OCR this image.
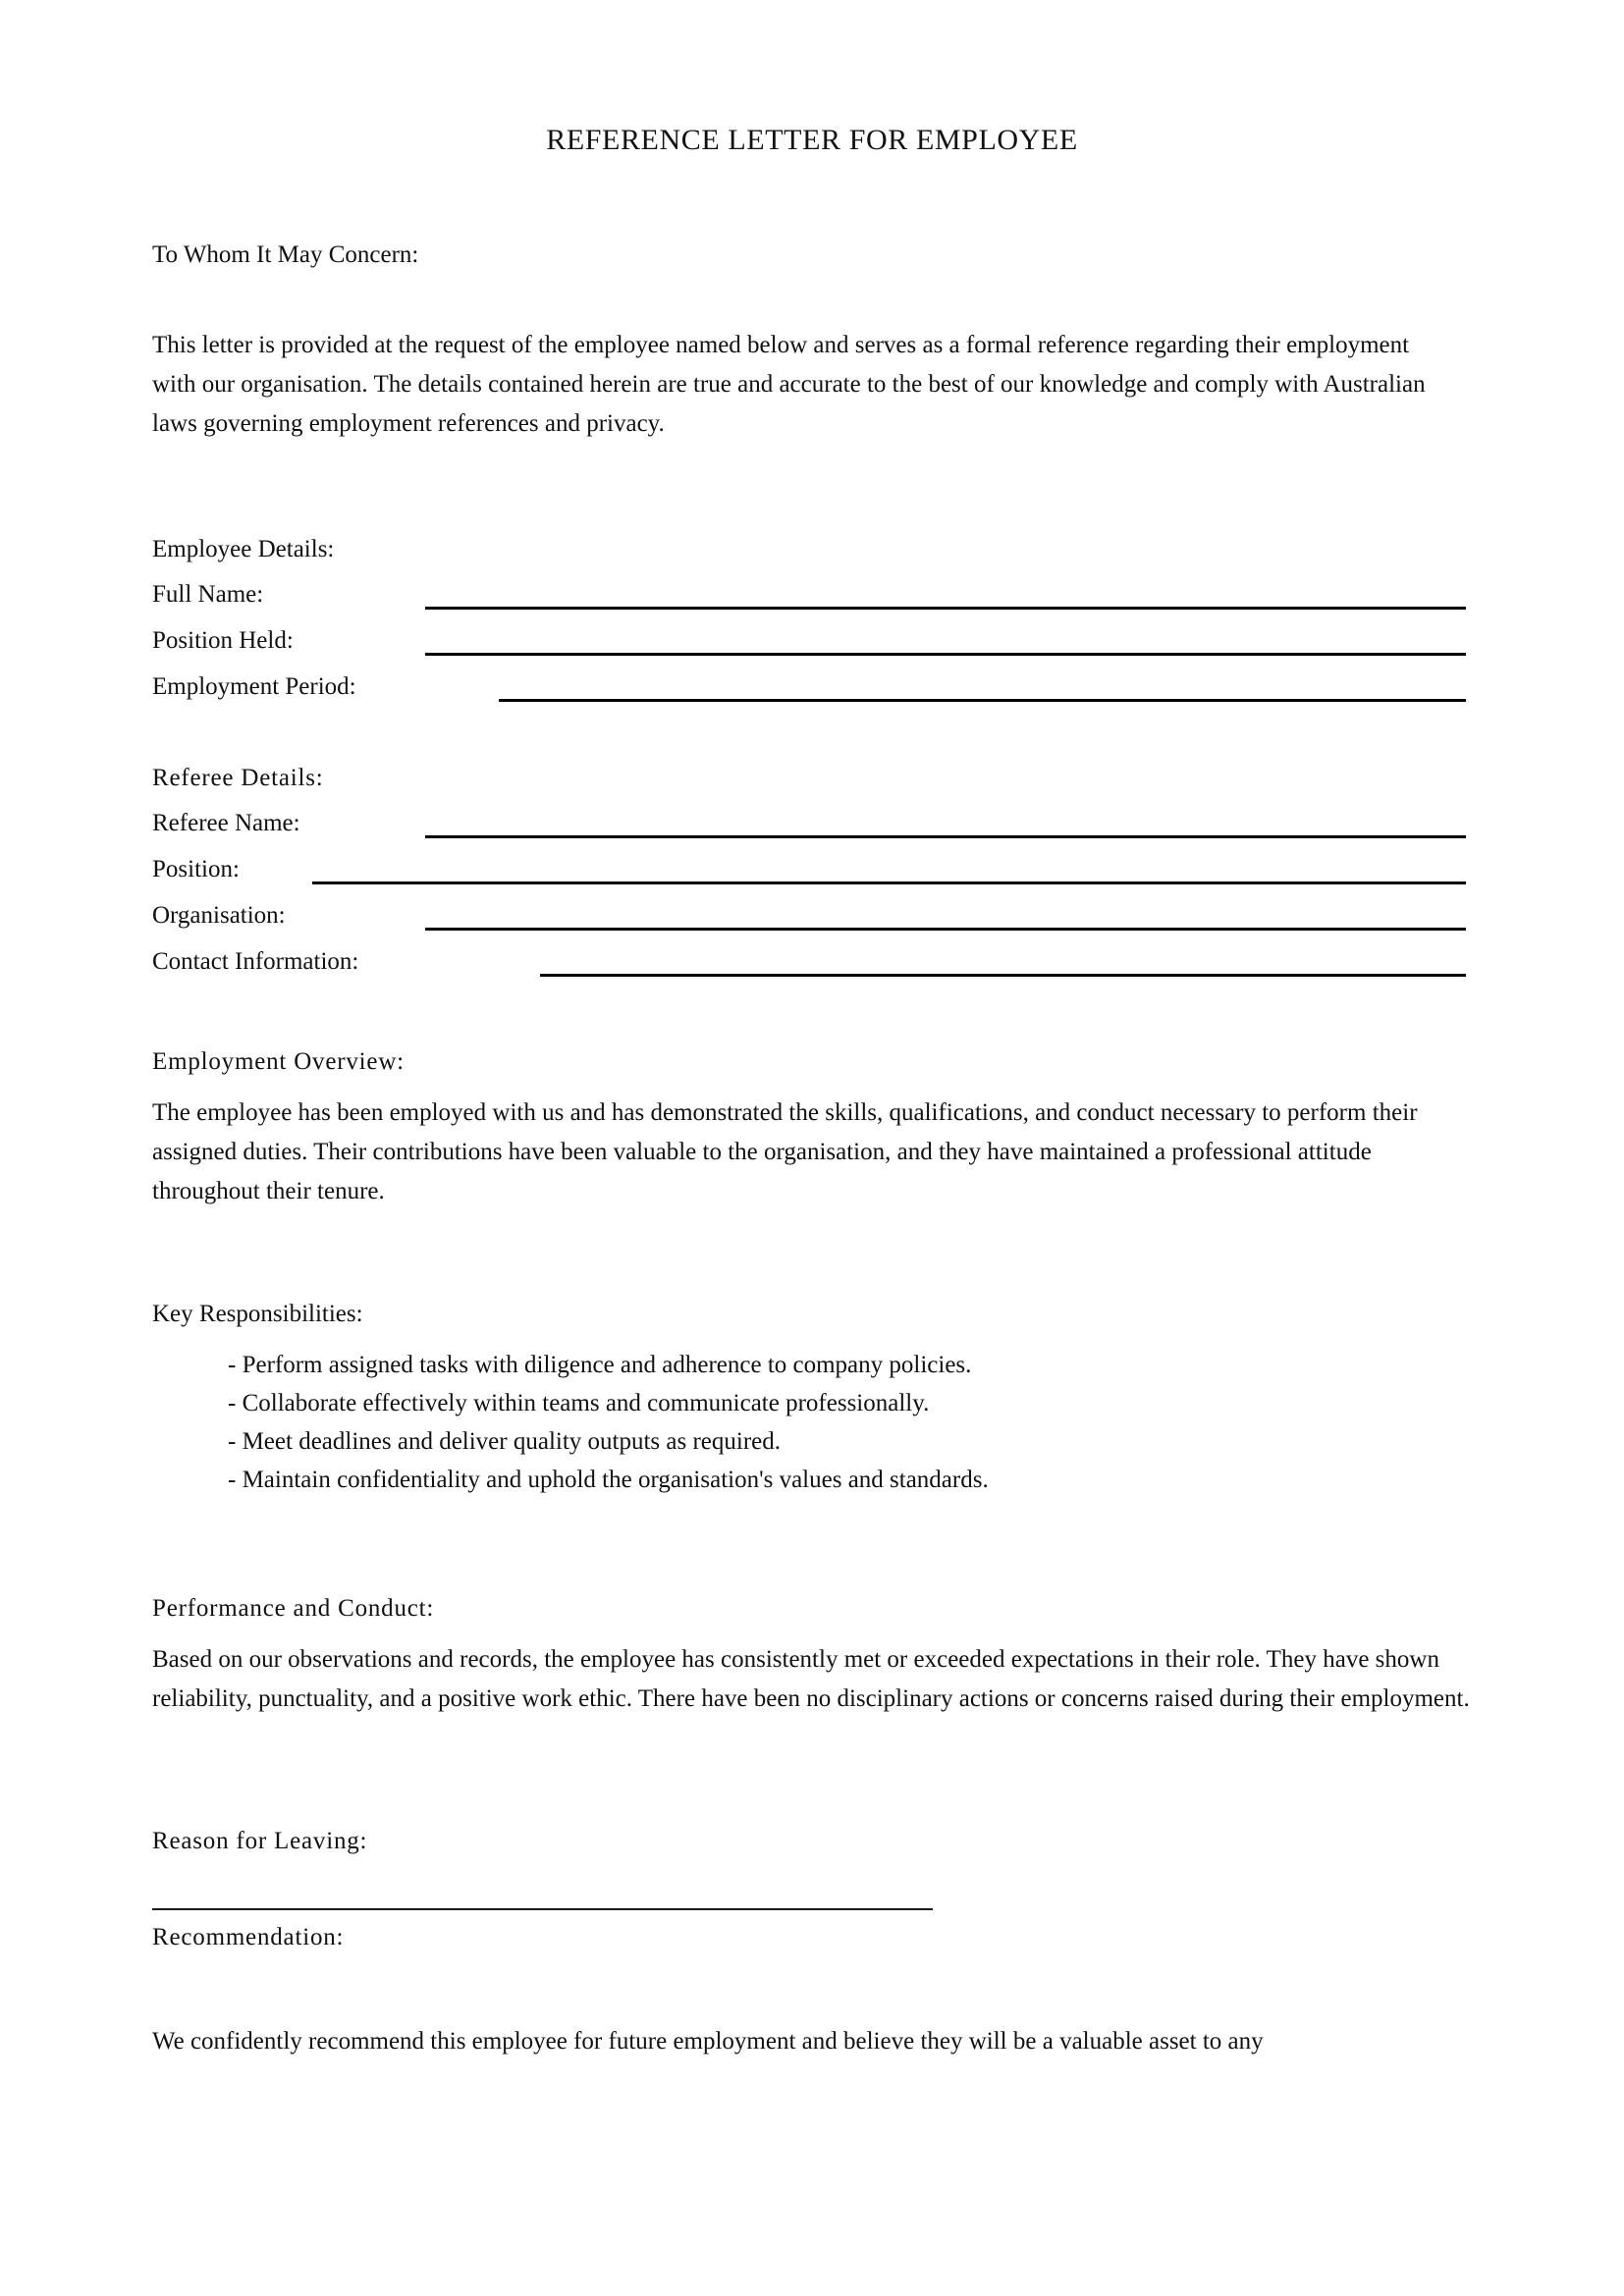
REFERENCE LETTER FOR EMPLOYEE
To Whom It May Concern:
This letter is provided at the request of the employee named below and serves as a formal reference regarding their employment with our organisation. The details contained herein are true and accurate to the best of our knowledge and comply with Australian laws governing employment references and privacy.
Employee Details:
Full Name:
Position Held:
Employment Period:
Referee Details:
Referee Name:
Position:
Organisation:
Contact Information:
Employment Overview:
The employee has been employed with us and has demonstrated the skills, qualifications, and conduct necessary to perform their assigned duties. Their contributions have been valuable to the organisation, and they have maintained a professional attitude throughout their tenure.
Key Responsibilities:
- Perform assigned tasks with diligence and adherence to company policies.
- Collaborate effectively within teams and communicate professionally.
- Meet deadlines and deliver quality outputs as required.
- Maintain confidentiality and uphold the organisation's values and standards.
Performance and Conduct:
Based on our observations and records, the employee has consistently met or exceeded expectations in their role. They have shown reliability, punctuality, and a positive work ethic. There have been no disciplinary actions or concerns raised during their employment.
Reason for Leaving:
Recommendation:
We confidently recommend this employee for future employment and believe they will be a valuable asset to any
